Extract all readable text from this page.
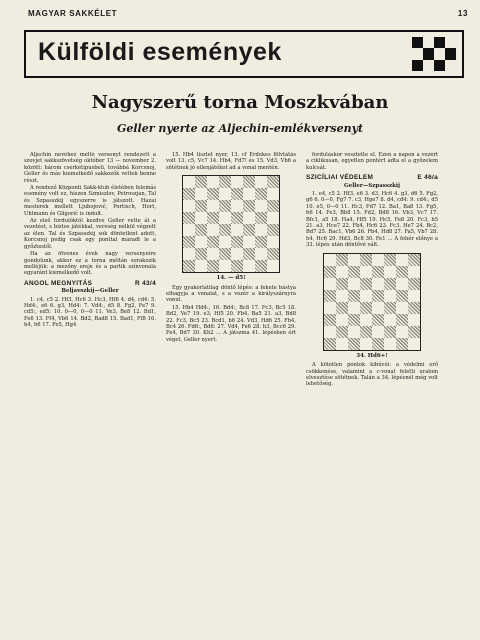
MAGYAR SAKKÉLET	13
Külföldi események
Nagyszerű torna Moszkvában
Geller nyerte az Aljechin-emlékversenyt

Aljechin nevéhez méltó versenyt rendezett a szovjet sakkszövetség október 13 — november 2. között: három cserkétipusbeli, továbbá Korcsnoj, Geller és más kiemelkedő sakkozók vettek benne részt.

A rendező Központi Sakk-klub életében felemás esemény volt ez, hiszen Szmiszlov, Petroszjan, Tal és Szpasszkij egyszerre is játszott. Hazai mesterek mellett Ljubojević, Portisch, Hort, Uhlmann és Gligorić is indult.

Az első fordulóktól kezdve Geller vette át a vezetést, s biztos játékkal, vereség nélkül végzett az élen. Tal és Szpasszkij sok döntetlent adott, Korcsnoj pedig csak egy ponttal maradt le a győztestől.

Ha az ötvenes évek nagy versenyeire gondolunk, akkor ez a torna méltán sorakozik melléjük: a mezőny ereje és a partik színvonala egyaránt kiemelkedő volt.

ANGOL MEGNYITÁS	R 43/4
Beljavszkij—Geller

1. c4, c5 2. Hf3, Hc6 3. Hc3, Hf6 4. d4, cd4: 5. Hd4:, e6 6. g3, Hd4: 7. Vd4:, d5 8. Fg2, Fe7 9. cd5:, ed5: 10. 0—0, 0—0 11. Ve3, Be8 12. Bd1, Fe6 13. Ff4, Vb6 14. Bd2, Bad8 15. Bad1, Ff8 16. h4, h6 17. Fe5, Hg4

15. Hb4 tisztet nyer, 13. cf Érdekes fölvtátás volt 13. c5, Vc7 14. Hb4, Fd7! és 15. Vd3, Vb6 a sötétnek jó ellenjátékot ad a vonal mentén.

14. — d5!

Egy gyakorlatilag döntő lépés: a fekete bástya elhagyja a vonalat, s a vezér a királyszárnyra vonul.

15. Hb4 Hd4:, 16. Bd4:, Bc8 17. Fc3, Bc5 18. Bd2, Ve7 19. e3, Hf5 20. Fb4, Ba5 21. a3, Bd8 22. Fc3, Bc5 23. Bcd1, b6 24. Vd3, Hd6 25. Fb4, Bc4 26. Fd6:, Bd6: 27. Vd4, Fe6 28. h3, Bcc6 29. Fe4, Bd7 30. Kh2 ... A játszma 41. lépésben ért véget, Geller nyert.

forduláskor vesztette el. Ezen a napon a vezért a ciklikusan, egyetlen pontért adta el a győzelem kulcsát.

SZICÍLIAI VÉDELEM	E 46/a
Geller—Szpasszkij

1. e4, c5 2. Hf3, e6 3. d3, Hc6 4. g3, d6 5. Fg2, g6 6. 0—0, Fg7 7. c3, Hge7 8. d4, cd4: 9. cd4:, d5 10. e5, 0—0 11. Hc3, Fd7 12. Ba1, Ba8 13. Fg5, h6 14. Fe3, Bb8 15. Fd2, Bd8 16. Vb3, Vc7 17. Bfc1, a5 18. Ha4, Hf5 19. Hc5, Fe8 20. Fc3, b5 21. a3, Hce7 22. Fb4, Hc6 23. Fc3, He7 24. Bc2, Bd7 25. Bac1, Vb6 26. Fb4, Hd8 27. Fa5, Vb7 28. h4, Hc6 29. Hd3, Bc8 30. Fe1 ... A fehér előnye a 33. lépés után döntővé vált.

34. Hd6+!

A kötetlen pontok kibúvói: a védelmi erő csökkenése, valamint a c-vonal feletti uralom elvesztése sötétnek. Talán a 34. lépésnél még volt lehetőség.
